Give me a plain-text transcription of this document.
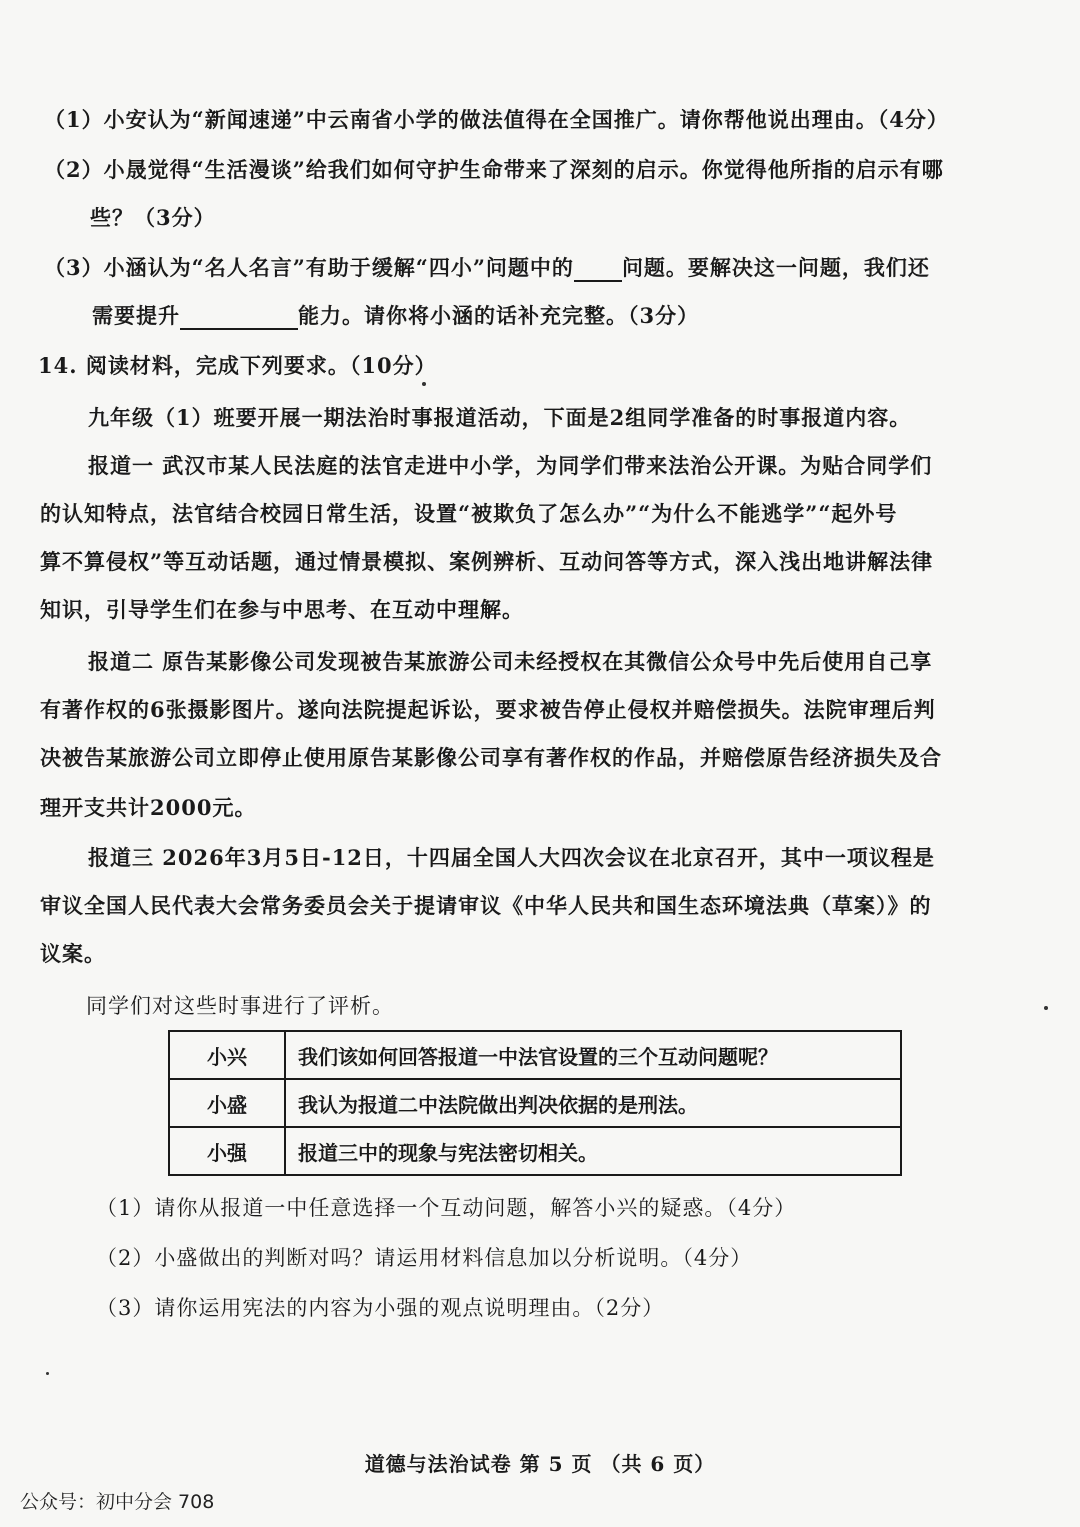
（1）小安认为“新闻速递”中云南省小学的做法值得在全国推广。请你帮他说出理由。（4分）
（2）小晟觉得“生活漫谈”给我们如何守护生命带来了深刻的启示。你觉得他所指的启示有哪
些？（3分）
（3）小涵认为“名人名言”有助于缓解“四小”问题中的 问题。要解决这一问题，我们还
需要提升	能力。请你将小涵的话补充完整。（3分）
14. 阅读材料，完成下列要求。（10分）
九年级（1）班要开展一期法治时事报道活动，下面是2组同学准备的时事报道内容。
报道一 武汉市某人民法庭的法官走进中小学，为同学们带来法治公开课。为贴合同学们
的认知特点，法官结合校园日常生活，设置“被欺负了怎么办”“为什么不能逃学”“起外号
算不算侵权”等互动话题，通过情景模拟、案例辨析、互动问答等方式，深入浅出地讲解法律
知识，引导学生们在参与中思考、在互动中理解。
报道二 原告某影像公司发现被告某旅游公司未经授权在其微信公众号中先后使用自己享
有著作权的6张摄影图片。遂向法院提起诉讼，要求被告停止侵权并赔偿损失。法院审理后判
决被告某旅游公司立即停止使用原告某影像公司享有著作权的作品，并赔偿原告经济损失及合
理开支共计2000元。
报道三 2026年3月5日-12日，十四届全国人大四次会议在北京召开，其中一项议程是
审议全国人民代表大会常务委员会关于提请审议《中华人民共和国生态环境法典（草案）》的
议案。
同学们对这些时事进行了评析。
小兴	我们该如何回答报道一中法官设置的三个互动问题呢？
小盛	我认为报道二中法院做出判决依据的是刑法。
小强	报道三中的现象与宪法密切相关。
（1）请你从报道一中任意选择一个互动问题，解答小兴的疑惑。（4分）
（2）小盛做出的判断对吗？请运用材料信息加以分析说明。（4分）
（3）请你运用宪法的内容为小强的观点说明理由。（2分）
道德与法治试卷 第 5 页 （共 6 页）
公众号：初中分会 708
